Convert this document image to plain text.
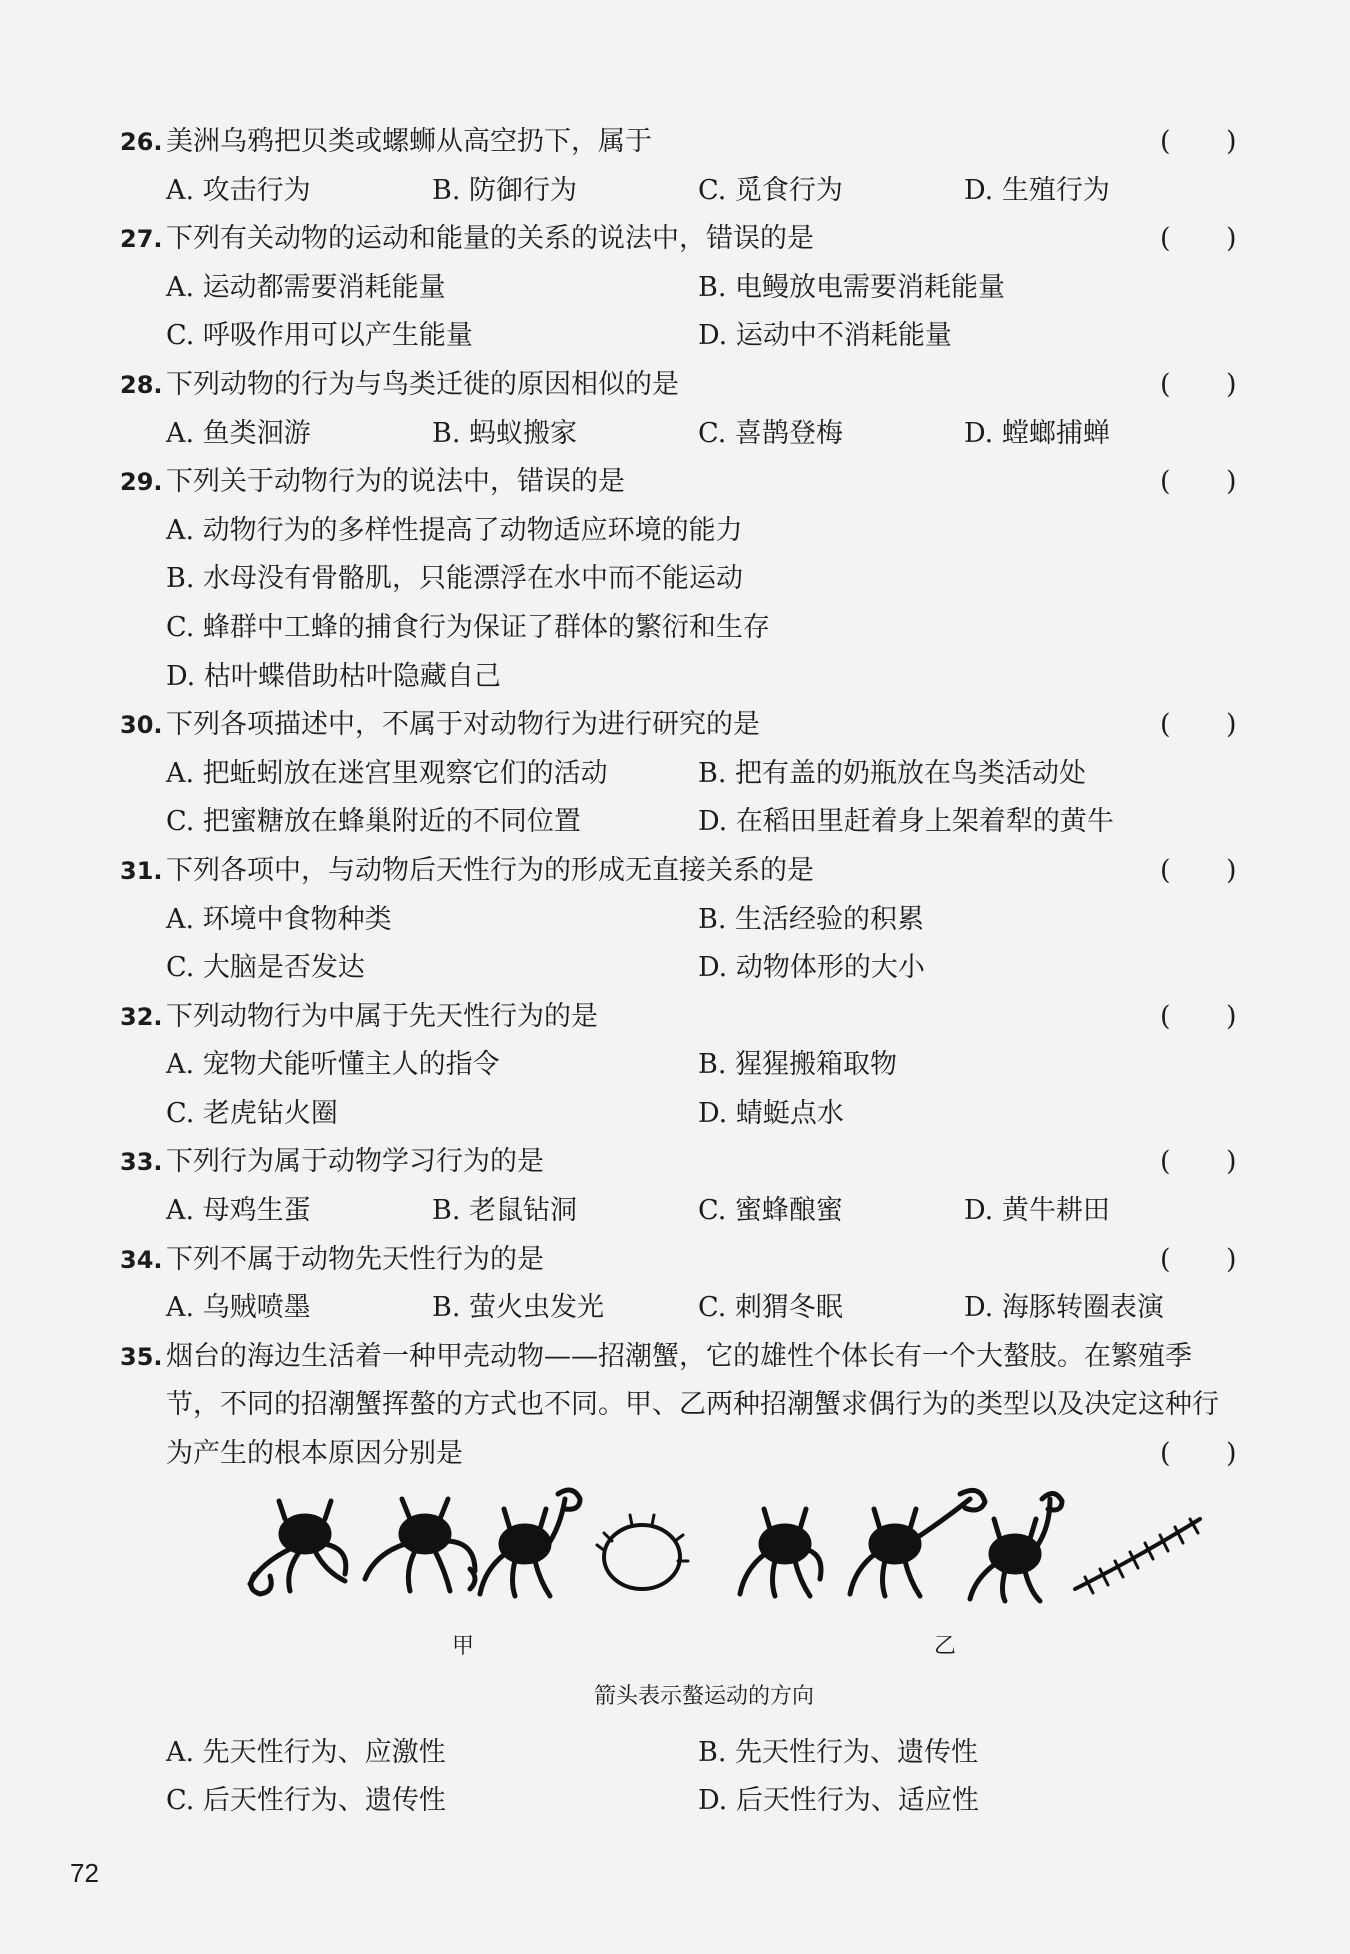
26. 美洲乌鸦把贝类或螺蛳从高空扔下，属于	( )
A. 攻击行为	B. 防御行为	C. 觅食行为	D. 生殖行为
27. 下列有关动物的运动和能量的关系的说法中，错误的是	( )
A. 运动都需要消耗能量	B. 电鳗放电需要消耗能量
C. 呼吸作用可以产生能量	D. 运动中不消耗能量
28. 下列动物的行为与鸟类迁徙的原因相似的是	( )
A. 鱼类洄游	B. 蚂蚁搬家	C. 喜鹊登梅	D. 螳螂捕蝉
29. 下列关于动物行为的说法中，错误的是	( )
A. 动物行为的多样性提高了动物适应环境的能力
B. 水母没有骨骼肌，只能漂浮在水中而不能运动
C. 蜂群中工蜂的捕食行为保证了群体的繁衍和生存
D. 枯叶蝶借助枯叶隐藏自己
30. 下列各项描述中，不属于对动物行为进行研究的是	( )
A. 把蚯蚓放在迷宫里观察它们的活动	B. 把有盖的奶瓶放在鸟类活动处
C. 把蜜糖放在蜂巢附近的不同位置	D. 在稻田里赶着身上架着犁的黄牛
31. 下列各项中，与动物后天性行为的形成无直接关系的是	( )
A. 环境中食物种类	B. 生活经验的积累
C. 大脑是否发达	D. 动物体形的大小
32. 下列动物行为中属于先天性行为的是	( )
A. 宠物犬能听懂主人的指令	B. 猩猩搬箱取物
C. 老虎钻火圈	D. 蜻蜓点水
33. 下列行为属于动物学习行为的是	( )
A. 母鸡生蛋	B. 老鼠钻洞	C. 蜜蜂酿蜜	D. 黄牛耕田
34. 下列不属于动物先天性行为的是	( )
A. 乌贼喷墨	B. 萤火虫发光	C. 刺猬冬眠	D. 海豚转圈表演
35. 烟台的海边生活着一种甲壳动物——招潮蟹，它的雄性个体长有一个大螯肢。在繁殖季
节，不同的招潮蟹挥螯的方式也不同。甲、乙两种招潮蟹求偶行为的类型以及决定这种行
为产生的根本原因分别是	( )
甲	乙
箭头表示螯运动的方向
A. 先天性行为、应激性	B. 先天性行为、遗传性
C. 后天性行为、遗传性	D. 后天性行为、适应性
72
